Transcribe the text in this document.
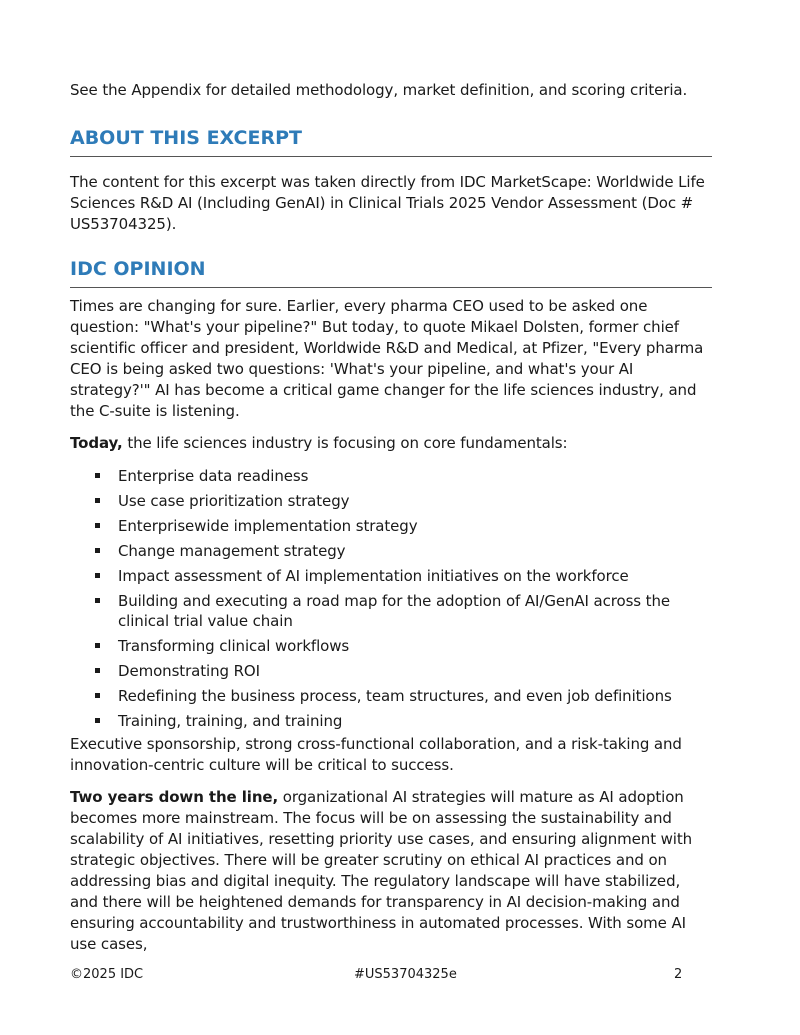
See the Appendix for detailed methodology, market definition, and scoring criteria.

ABOUT THIS EXCERPT

The content for this excerpt was taken directly from IDC MarketScape: Worldwide Life Sciences R&D AI (Including GenAI) in Clinical Trials 2025 Vendor Assessment (Doc # US53704325).

IDC OPINION

Times are changing for sure. Earlier, every pharma CEO used to be asked one question: "What's your pipeline?" But today, to quote Mikael Dolsten, former chief scientific officer and president, Worldwide R&D and Medical, at Pfizer, "Every pharma CEO is being asked two questions: 'What's your pipeline, and what's your AI strategy?'" AI has become a critical game changer for the life sciences industry, and the C-suite is listening.

Today, the life sciences industry is focusing on core fundamentals:

Enterprise data readiness
Use case prioritization strategy
Enterprisewide implementation strategy
Change management strategy
Impact assessment of AI implementation initiatives on the workforce
Building and executing a road map for the adoption of AI/GenAI across the clinical trial value chain
Transforming clinical workflows
Demonstrating ROI
Redefining the business process, team structures, and even job definitions
Training, training, and training

Executive sponsorship, strong cross-functional collaboration, and a risk-taking and innovation-centric culture will be critical to success.

Two years down the line, organizational AI strategies will mature as AI adoption becomes more mainstream. The focus will be on assessing the sustainability and scalability of AI initiatives, resetting priority use cases, and ensuring alignment with strategic objectives. There will be greater scrutiny on ethical AI practices and on addressing bias and digital inequity. The regulatory landscape will have stabilized, and there will be heightened demands for transparency in AI decision-making and ensuring accountability and trustworthiness in automated processes. With some AI use cases,

©2025 IDC	#US53704325e	2
